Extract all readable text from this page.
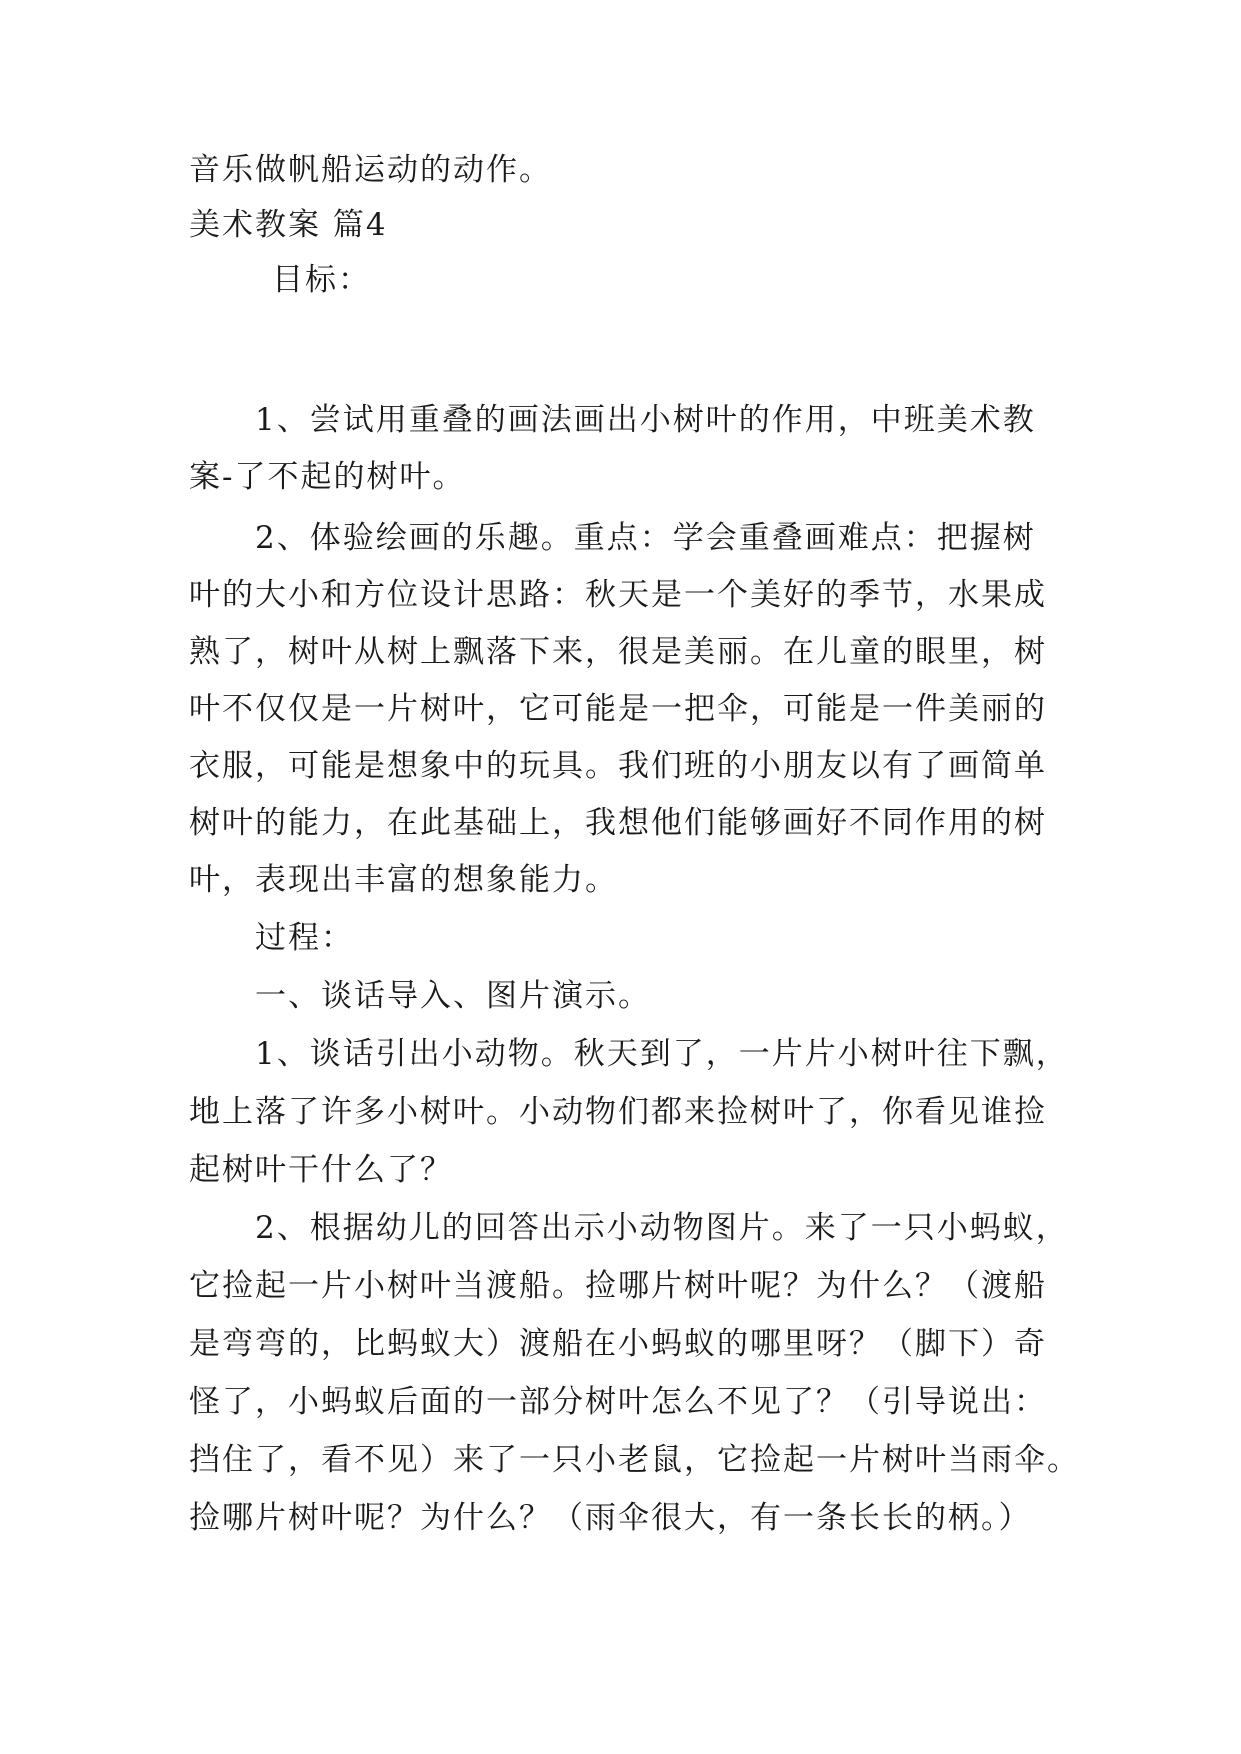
音乐做帆船运动的动作。
美术教案 篇4
目标：
1、尝试用重叠的画法画出小树叶的作用，中班美术教
案-了不起的树叶。
2、体验绘画的乐趣。重点：学会重叠画难点：把握树
叶的大小和方位设计思路：秋天是一个美好的季节，水果成
熟了，树叶从树上飘落下来，很是美丽。在儿童的眼里，树
叶不仅仅是一片树叶，它可能是一把伞，可能是一件美丽的
衣服，可能是想象中的玩具。我们班的小朋友以有了画简单
树叶的能力，在此基础上，我想他们能够画好不同作用的树
叶，表现出丰富的想象能力。
过程：
一、谈话导入、图片演示。
1、谈话引出小动物。秋天到了，一片片小树叶往下飘，
地上落了许多小树叶。小动物们都来捡树叶了，你看见谁捡
起树叶干什么了？
2、根据幼儿的回答出示小动物图片。来了一只小蚂蚁，
它捡起一片小树叶当渡船。捡哪片树叶呢？为什么？（渡船
是弯弯的，比蚂蚁大）渡船在小蚂蚁的哪里呀？（脚下）奇
怪了，小蚂蚁后面的一部分树叶怎么不见了？（引导说出：
挡住了，看不见）来了一只小老鼠，它捡起一片树叶当雨伞。
捡哪片树叶呢？为什么？（雨伞很大，有一条长长的柄。）
